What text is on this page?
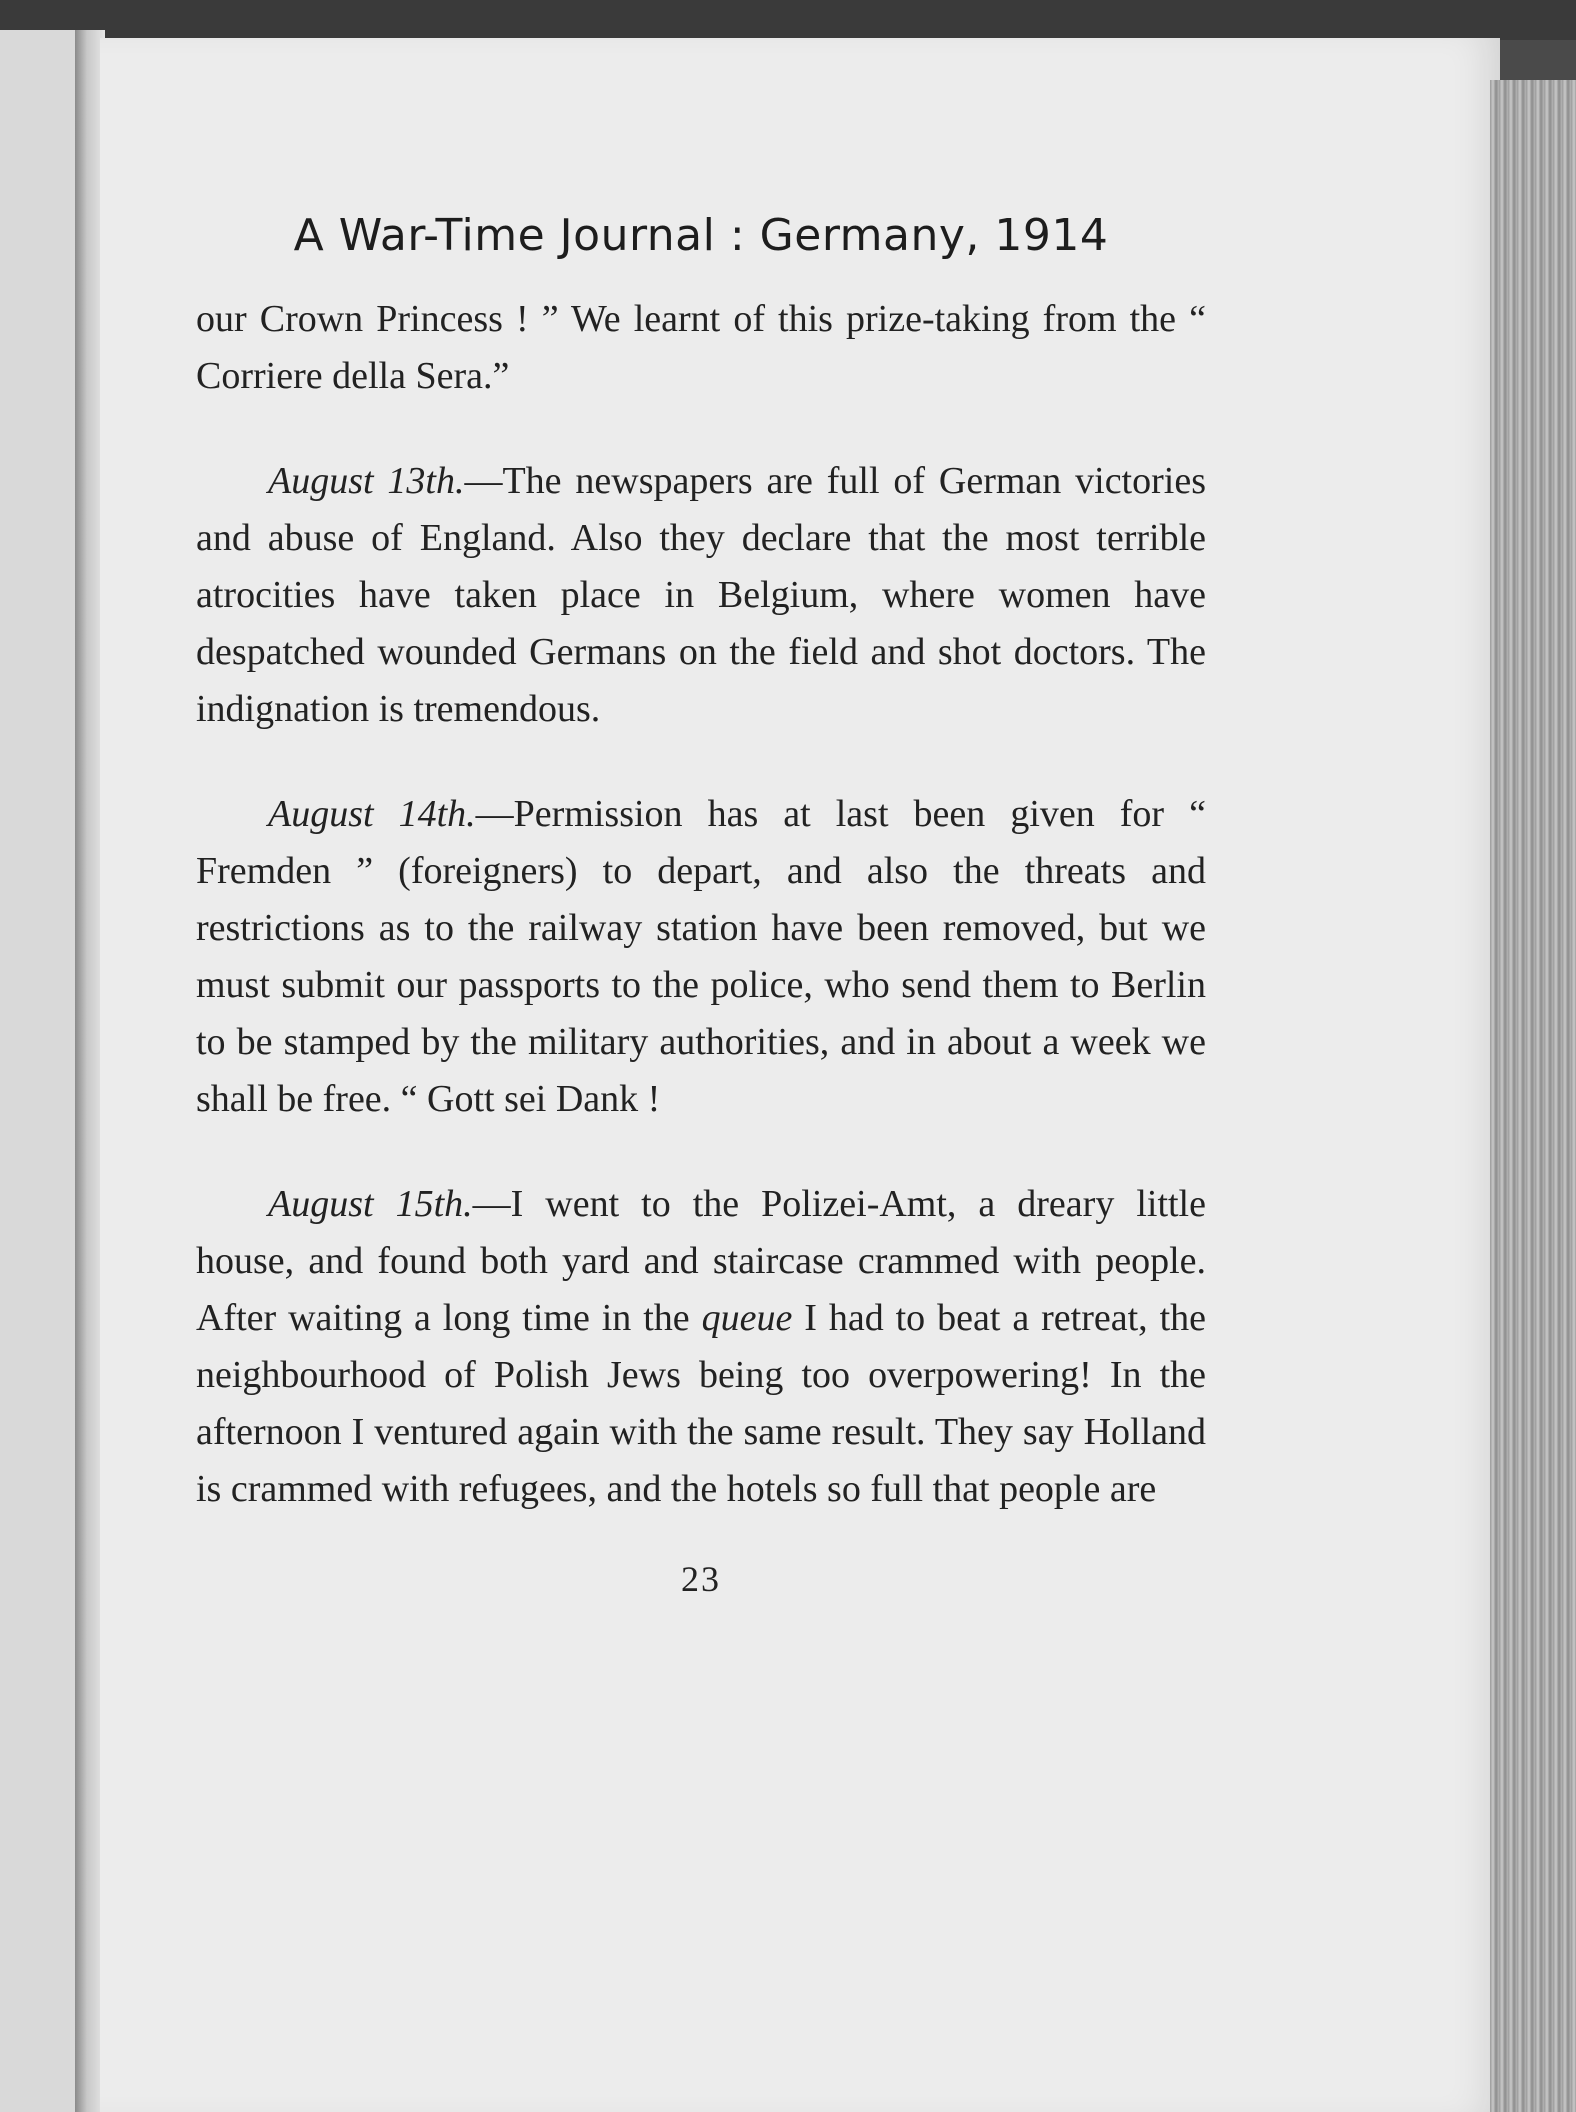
A War-Time Journal : Germany, 1914

our Crown Princess ! ” We learnt of this prize-taking from the “ Corriere della Sera.”

August 13th.—The newspapers are full of German victories and abuse of England. Also they declare that the most terrible atrocities have taken place in Belgium, where women have despatched wounded Germans on the field and shot doctors. The indignation is tremendous.

August 14th.—Permission has at last been given for “ Fremden ” (foreigners) to depart, and also the threats and restrictions as to the railway station have been removed, but we must submit our passports to the police, who send them to Berlin to be stamped by the military authorities, and in about a week we shall be free. “ Gott sei Dank !

August 15th.—I went to the Polizei-Amt, a dreary little house, and found both yard and staircase crammed with people. After waiting a long time in the queue I had to beat a retreat, the neighbourhood of Polish Jews being too overpowering! In the afternoon I ventured again with the same result. They say Holland is crammed with refugees, and the hotels so full that people are

23
